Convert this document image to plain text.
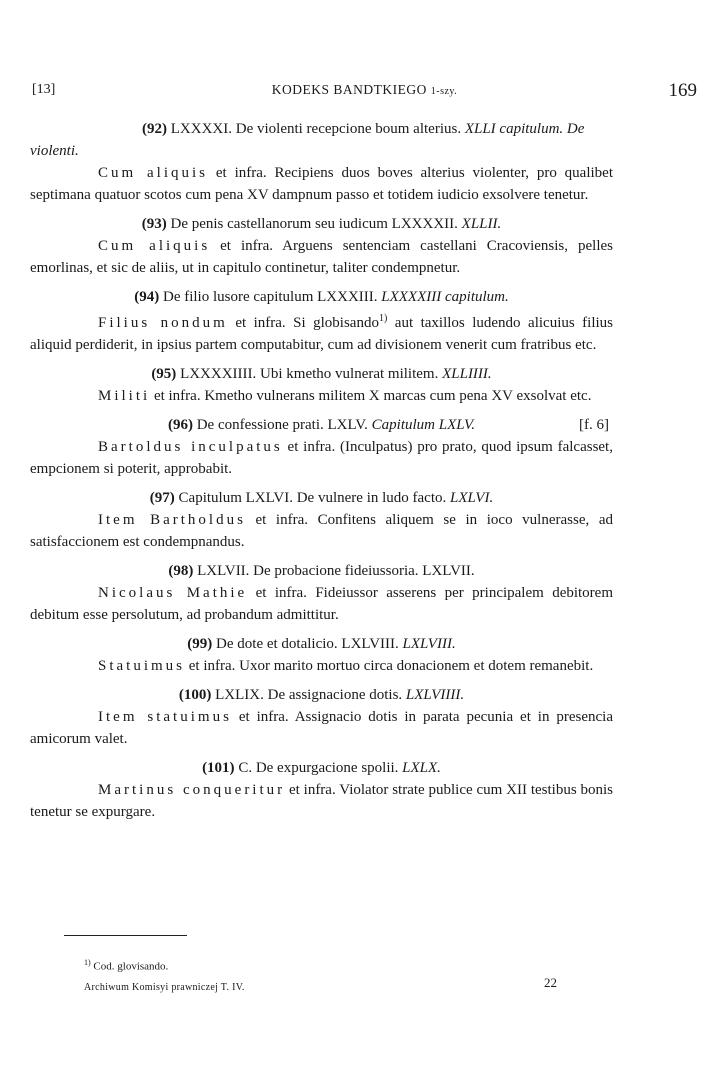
[13]	KODEKS BANDTKIEGO 1-szy.	169

(92) LXXXXI. De violenti recepcione boum alterius. XLLI capitulum. De violenti.

Cum aliquis et infra. Recipiens duos boves alterius violenter, pro qualibet septimana quatuor scotos cum pena XV dampnum passo et totidem iudicio exsolvere tenetur.

(93) De penis castellanorum seu iudicum LXXXXII. XLLII.

Cum aliquis et infra. Arguens sentenciam castellani Cracoviensis, pelles emorlinas, et sic de aliis, ut in capitulo continetur, taliter condempnetur.

(94) De filio lusore capitulum LXXXIII. LXXXXIII capitulum.

Filius nondum et infra. Si globisando$^{1)}$ aut taxillos ludendo alicuius filius aliquid perdiderit, in ipsius partem computabitur, cum ad divisionem venerit cum fratribus etc.

(95) LXXXXIIII. Ubi kmetho vulnerat militem. XLLIIII.

Militi et infra. Kmetho vulnerans militem X marcas cum pena XV exsolvat etc.

(96) De confessione prati. LXLV. Capitulum LXLV.	[f. 6]

Bartoldus inculpatus et infra. (Inculpatus) pro prato, quod ipsum falcasset, empcionem si poterit, approbabit.

(97) Capitulum LXLVI. De vulnere in ludo facto. LXLVI.

Item Bartholdus et infra. Confitens aliquem se in ioco vulnerasse, ad satisfaccionem est condempnandus.

(98) LXLVII. De probacione fideiussoria. LXLVII.

Nicolaus Mathie et infra. Fideiussor asserens per principalem debitorem debitum esse persolutum, ad probandum admittitur.

(99) De dote et dotalicio. LXLVIII. LXLVIII.

Statuimus et infra. Uxor marito mortuo circa donacionem et dotem remanebit.

(100) LXLIX. De assignacione dotis. LXLVIIII.

Item statuimus et infra. Assignacio dotis in parata pecunia et in presencia amicorum valet.

(101) C. De expurgacione spolii. LXLX.

Martinus conqueritur et infra. Violator strate publice cum XII testibus bonis tenetur se expurgare.

$^{1)}$ Cod. glovisando.
Archiwum Komisyi prawniczej T. IV.	22
